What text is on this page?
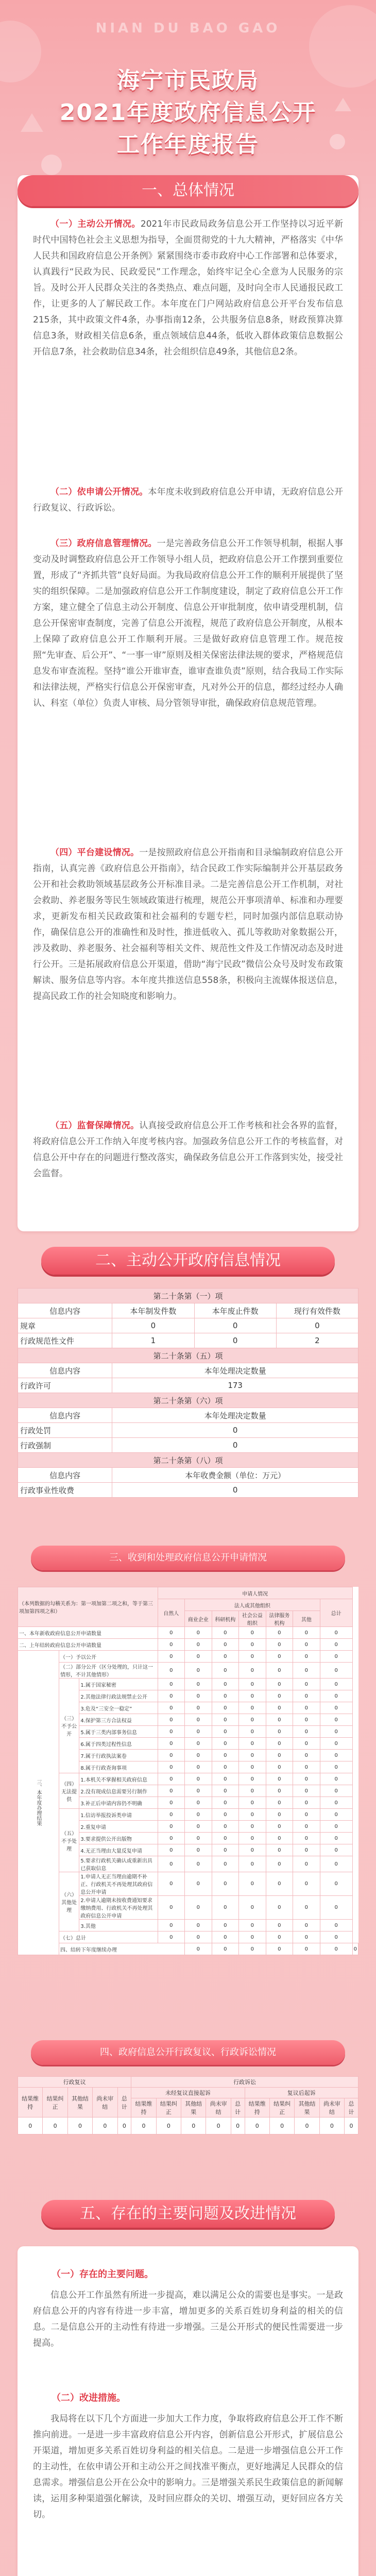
NIAN DU BAO GAO
海宁市民政局
2021年度政府信息公开
工作年度报告
一、总体情况

（一）主动公开情况。2021年市民政局政务信息公开工作坚持以习近平新时代中国特色社会主义思想为指导，全面贯彻党的十九大精神，严格落实《中华人民共和国政府信息公开条例》紧紧围绕市委市政府中心工作部署和总体要求，认真践行“民政为民、民政爱民”工作理念，始终牢记全心全意为人民服务的宗旨。及时公开人民群众关注的各类热点、难点问题，及时向全市人民通报民政工作，让更多的人了解民政工作。本年度在门户网站政府信息公开平台发布信息215条，其中政策文件4条，办事指南12条，公共服务信息8条，财政预算决算信息3条，财政相关信息6条，重点领域信息44条，低收入群体政策信息数据公开信息7条，社会救助信息34条，社会组织信息49条，其他信息2条。

（二）依申请公开情况。本年度未收到政府信息公开申请，无政府信息公开行政复议、行政诉讼。

（三）政府信息管理情况。一是完善政务信息公开工作领导机制，根据人事变动及时调整政府信息公开工作领导小组人员，把政府信息公开工作摆到重要位置，形成了“齐抓共管”良好局面。为我局政府信息公开工作的顺利开展提供了坚实的组织保障。二是加强政府信息公开工作制度建设，制定了政府信息公开工作方案，建立健全了信息主动公开制度、信息公开审批制度，依申请受理机制，信息公开保密审查制度，完善了信息公开流程，规范了政府信息公开制度，从根本上保障了政府信息公开工作顺利开展。三是做好政府信息管理工作。规范按照“先审查、后公开”、“一事一审”原则及相关保密法律法规的要求，严格规范信息发布审查流程。坚持“谁公开谁审查，谁审查谁负责”原则，结合我局工作实际和法律法规，严格实行信息公开保密审查，凡对外公开的信息，都经过经办人确认、科室（单位）负责人审核、局分管领导审批，确保政府信息规范管理。

（四）平台建设情况。一是按照政府信息公开指南和目录编制政府信息公开指南，认真完善《政府信息公开指南》，结合民政工作实际编制并公开基层政务公开和社会救助领域基层政务公开标准目录。二是完善信息公开工作机制，对社会救助、养老服务等民生领域政策进行梳理，规范公开事项清单、标准和办理要求，更新发布相关民政政策和社会福利的专题专栏，同时加强内部信息联动协作，确保信息公开的准确性和及时性，推进低收入、孤儿等救助对象数据公开，涉及救助、养老服务、社会福利等相关文件、规范性文件及工作情况动态及时进行公开。三是拓展政府信息公开渠道，借助“海宁民政”微信公众号及时发布政策解读、服务信息等内容。本年度共推送信息558条，积极向主流媒体报送信息，提高民政工作的社会知晓度和影响力。

（五）监督保障情况。认真接受政府信息公开工作考核和社会各界的监督，将政府信息公开工作纳入年度考核内容。加强政务信息公开工作的考核监督，对信息公开中存在的问题进行整改落实，确保政务信息公开工作落到实处，接受社会监督。

二、主动公开政府信息情况
第二十条第（一）项			
信息内容	本年制发件数	本年废止件数	现行有效件数
规章	0	0	0
行政规范性文件	1	0	2
第二十条第（五）项			
信息内容	本年处理决定数量		
行政许可	173		
第二十条第（六）项			
信息内容	本年处理决定数量		
行政处罚	0		
行政强制	0		
第二十条第（八）项			
信息内容	本年收费金额（单位：万元）		
行政事业性收费	0		
三、收到和处理政府信息公开申请情况
（本列数据的勾稽关系为：第一项加第二项之和，等于第三项加第四项之和）			申请人情况							
			自然人	法人或其他组织					总计	
				商业企业	科研机构	社会公益组织	法律服务机构	其他		
一、本年新收政府信息公开申请数量			0	0	0	0	0	0	0	
二、上年结转政府信息公开申请数量			0	0	0	0	0	0	0	
三、本年度办理结果	（一）予以公开		0	0	0	0	0	0	0	
	（二）部分公开（区分处理的，只计这一情形，不计其他情形）		0	0	0	0	0	0	0	
	（三）不予公开	1.属于国家秘密	0	0	0	0	0	0	0	
		2.其他法律行政法规禁止公开	0	0	0	0	0	0	0	
		3.危及“三安全一稳定”	0	0	0	0	0	0	0	
		4.保护第三方合法权益	0	0	0	0	0	0	0	
		5.属于三类内部事务信息	0	0	0	0	0	0	0	
		6.属于四类过程性信息	0	0	0	0	0	0	0	
		7.属于行政执法案卷	0	0	0	0	0	0	0	
		8.属于行政查询事项	0	0	0	0	0	0	0	
	（四）无法提供	1.本机关不掌握相关政府信息	0	0	0	0	0	0	0	
		2.没有现成信息需要另行制作	0	0	0	0	0	0	0	
		3.补正后申请内容仍不明确	0	0	0	0	0	0	0	
	（五）不予处理	1.信访举报投诉类申请	0	0	0	0	0	0	0	
		2.重复申请	0	0	0	0	0	0	0	
		3.要求提供公开出版物	0	0	0	0	0	0	0	
		4.无正当理由大量反复申请	0	0	0	0	0	0	0	
		5.要求行政机关确认或重新出具已获取信息	0	0	0	0	0	0	0	
	（六）其他处理	1.申请人无正当理由逾期不补正、行政机关不再处理其政府信息公开申请	0	0	0	0	0	0	0	
		2.申请人逾期未按收费通知要求缴纳费用、行政机关不再处理其政府信息公开申请	0	0	0	0	0	0	0	
		3.其他	0	0	0	0	0	0	0	
	（七）总计		0	0	0	0	0	0	0	
	四、结转下年度继续办理			0	0	0	0	0	0	0
四、政府信息公开行政复议、行政诉讼情况
行政复议					行政诉讼									
结果维持	结果纠正	其他结果	尚未审结	总计	未经复议直接起诉					复议后起诉				
					结果维持	结果纠正	其他结果	尚未审结	总计	结果维持	结果纠正	其他结果	尚未审结	总计
0	0	0	0	0	0	0	0	0	0	0	0	0	0	0
五、存在的主要问题及改进情况

（一）存在的主要问题。

信息公开工作虽然有所进一步提高，难以满足公众的需要也是事实。一是政府信息公开的内容有待进一步丰富，增加更多的关系百姓切身利益的相关的信息。二是信息公开的主动性有待进一步增强。三是公开形式的便民性需要进一步提高。

（二）改进措施。

我局将在以下几个方面进一步加大工作力度，争取将政府信息公开工作不断推向前进。一是进一步丰富政府信息公开内容，创新信息公开形式，扩展信息公开渠道，增加更多关系百姓切身利益的相关信息。二是进一步增强信息公开工作的主动性，在依申请公开和主动公开之间找准平衡点，更好地满足人民群众的信息需求。增强信息公开在公众中的影响力。三是增强关系民生政策信息的新闻解读，运用多种渠道强化解读，及时回应群众的关切、增强互动，更好回应各方关切。
